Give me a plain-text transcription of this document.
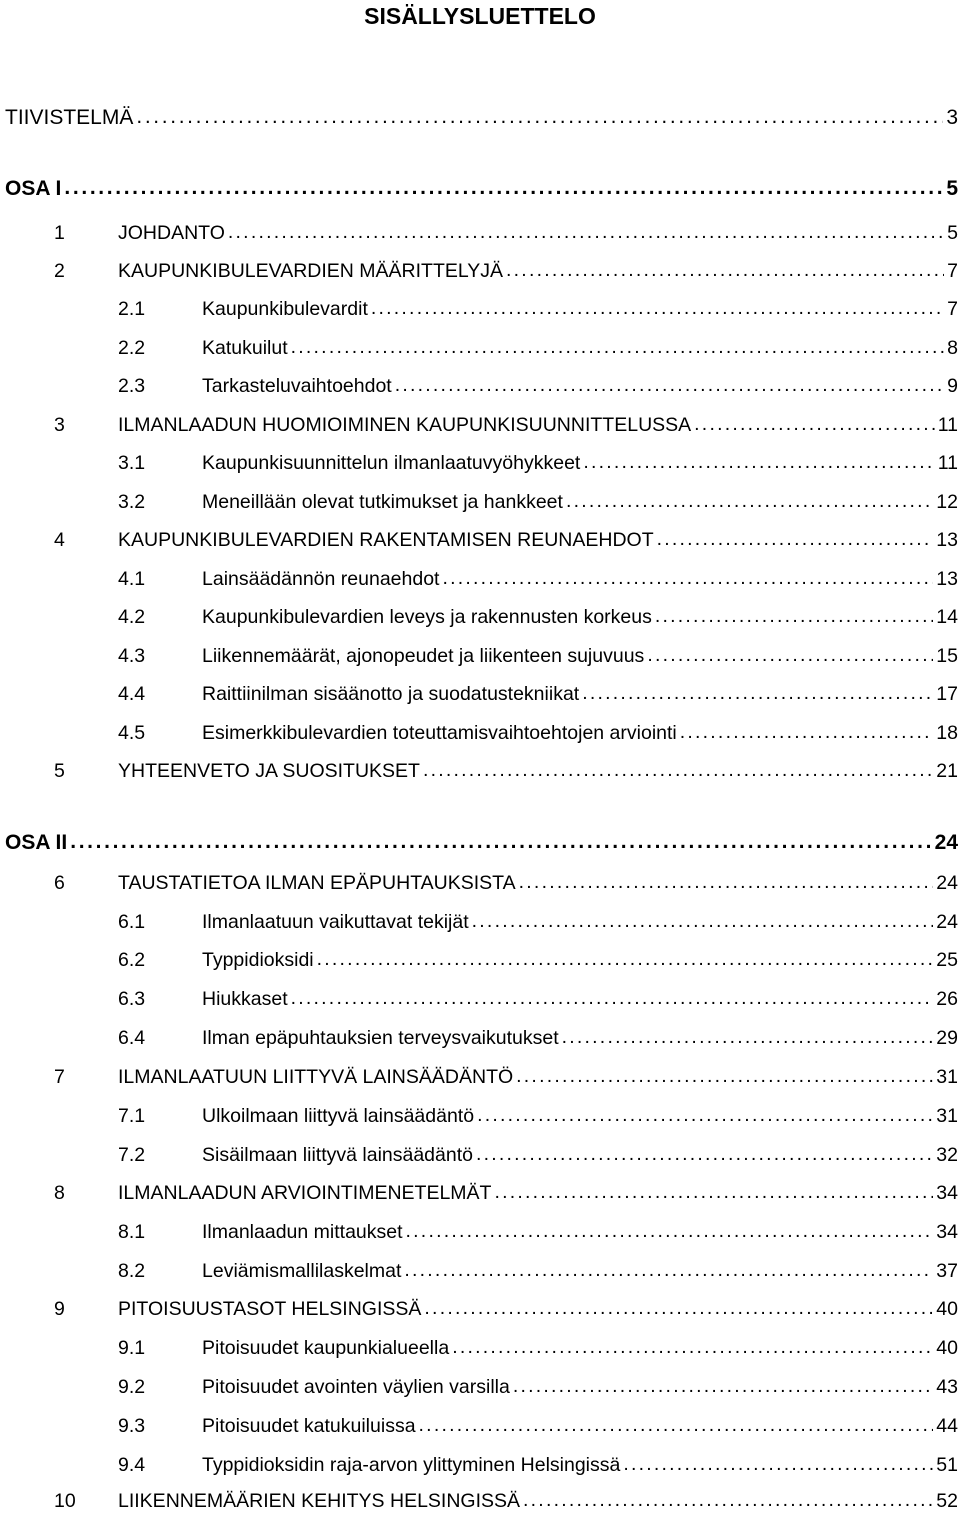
SISÄLLYSLUETTELO
TIIVISTELMÄ . . .	3
OSA I . . .	5
1	JOHDANTO . . .	5
2	KAUPUNKIBULEVARDIEN MÄÄRITTELYJÄ . . .	7
2.1	Kaupunkibulevardit . . .	7
2.2	Katukuilut . . .	8
2.3	Tarkasteluvaihtoehdot . . .	9
3	ILMANLAADUN HUOMIOIMINEN KAUPUNKISUUNNITTELUSSA . . .	11
3.1	Kaupunkisuunnittelun ilmanlaatuvyöhykkeet . . .	11
3.2	Meneillään olevat tutkimukset ja hankkeet . . .	12
4	KAUPUNKIBULEVARDIEN RAKENTAMISEN REUNAEHDOT . . .	13
4.1	Lainsäädännön reunaehdot . . .	13
4.2	Kaupunkibulevardien leveys ja rakennusten korkeus . . .	14
4.3	Liikennemäärät, ajonopeudet ja liikenteen sujuvuus . . .	15
4.4	Raittiinilman sisäänotto ja suodatustekniikat . . .	17
4.5	Esimerkkibulevardien toteuttamisvaihtoehtojen arviointi . . .	18
5	YHTEENVETO JA SUOSITUKSET . . .	21
OSA II . . .	24
6	TAUSTATIETOA ILMAN EPÄPUHTAUKSISTA . . .	24
6.1	Ilmanlaatuun vaikuttavat tekijät . . .	24
6.2	Typpidioksidi . . .	25
6.3	Hiukkaset . . .	26
6.4	Ilman epäpuhtauksien terveysvaikutukset . . .	29
7	ILMANLAATUUN LIITTYVÄ LAINSÄÄDÄNTÖ . . .	31
7.1	Ulkoilmaan liittyvä lainsäädäntö . . .	31
7.2	Sisäilmaan liittyvä lainsäädäntö . . .	32
8	ILMANLAADUN ARVIOINTIMENETELMÄT . . .	34
8.1	Ilmanlaadun mittaukset . . .	34
8.2	Leviämismallilaskelmat . . .	37
9	PITOISUUSTASOT HELSINGISSÄ . . .	40
9.1	Pitoisuudet kaupunkialueella . . .	40
9.2	Pitoisuudet avointen väylien varsilla . . .	43
9.3	Pitoisuudet katukuiluissa . . .	44
9.4	Typpidioksidin raja-arvon ylittyminen Helsingissä . . .	51
10	LIIKENNEMÄÄRIEN KEHITYS HELSINGISSÄ . . .	52
